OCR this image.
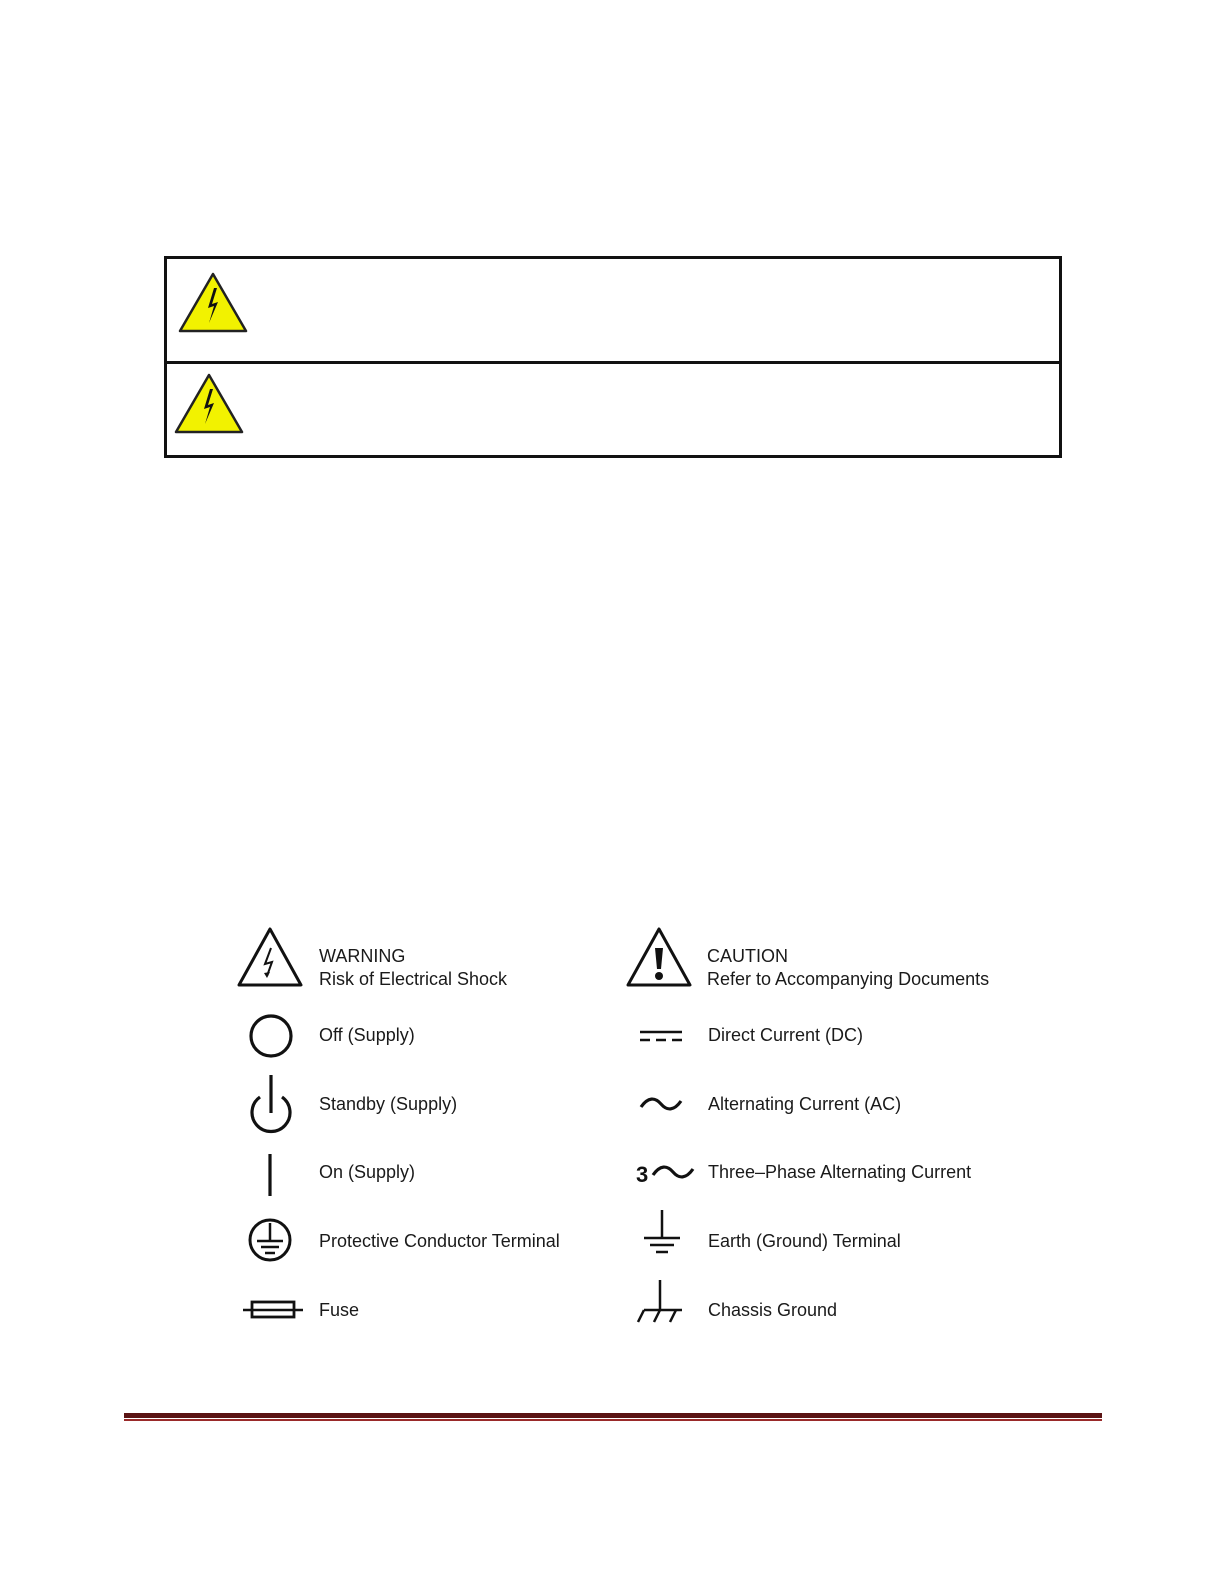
WARNING
Risk of Electrical Shock
Off (Supply)
Standby (Supply)
On (Supply)
Protective Conductor Terminal
Fuse
CAUTION
Refer to Accompanying Documents
Direct Current (DC)
Alternating Current (AC)
3	Three–Phase Alternating Current
Earth (Ground) Terminal
Chassis Ground
